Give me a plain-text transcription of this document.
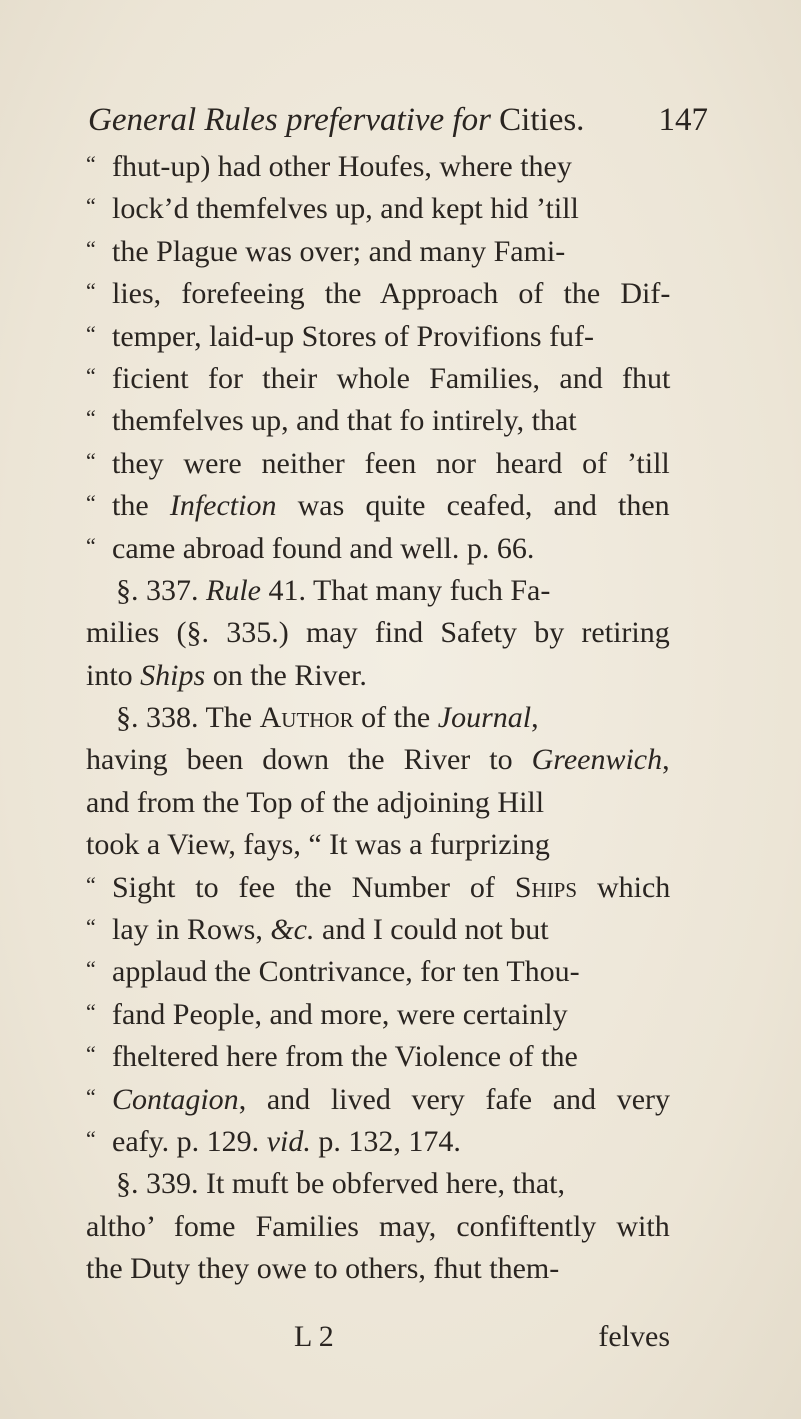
General Rules prefervative for Cities. 147
“ fhut-up) had other Houfes, where they
“ lock’d themfelves up, and kept hid ’till
“ the Plague was over; and many Fami-
“ lies, forefeeing the Approach of the Dif-
“ temper, laid-up Stores of Provifions fuf-
“ ficient for their whole Families, and fhut
“ themfelves up, and that fo intirely, that
“ they were neither feen nor heard of ’till
“ the Infection was quite ceafed, and then
“ came abroad found and well. p. 66.
§. 337. Rule 41. That many fuch Fa-
milies (§. 335.) may find Safety by retiring
into Ships on the River.
§. 338. The Author of the Journal,
having been down the River to Greenwich,
and from the Top of the adjoining Hill
took a View, fays, “ It was a furprizing
“ Sight to fee the Number of Ships which
“ lay in Rows, &c. and I could not but
“ applaud the Contrivance, for ten Thou-
“ fand People, and more, were certainly
“ fheltered here from the Violence of the
“ Contagion, and lived very fafe and very
“ eafy. p. 129. vid. p. 132, 174.
§. 339. It muft be obferved here, that,
altho’ fome Families may, confiftently with
the Duty they owe to others, fhut them-
L 2	felves
